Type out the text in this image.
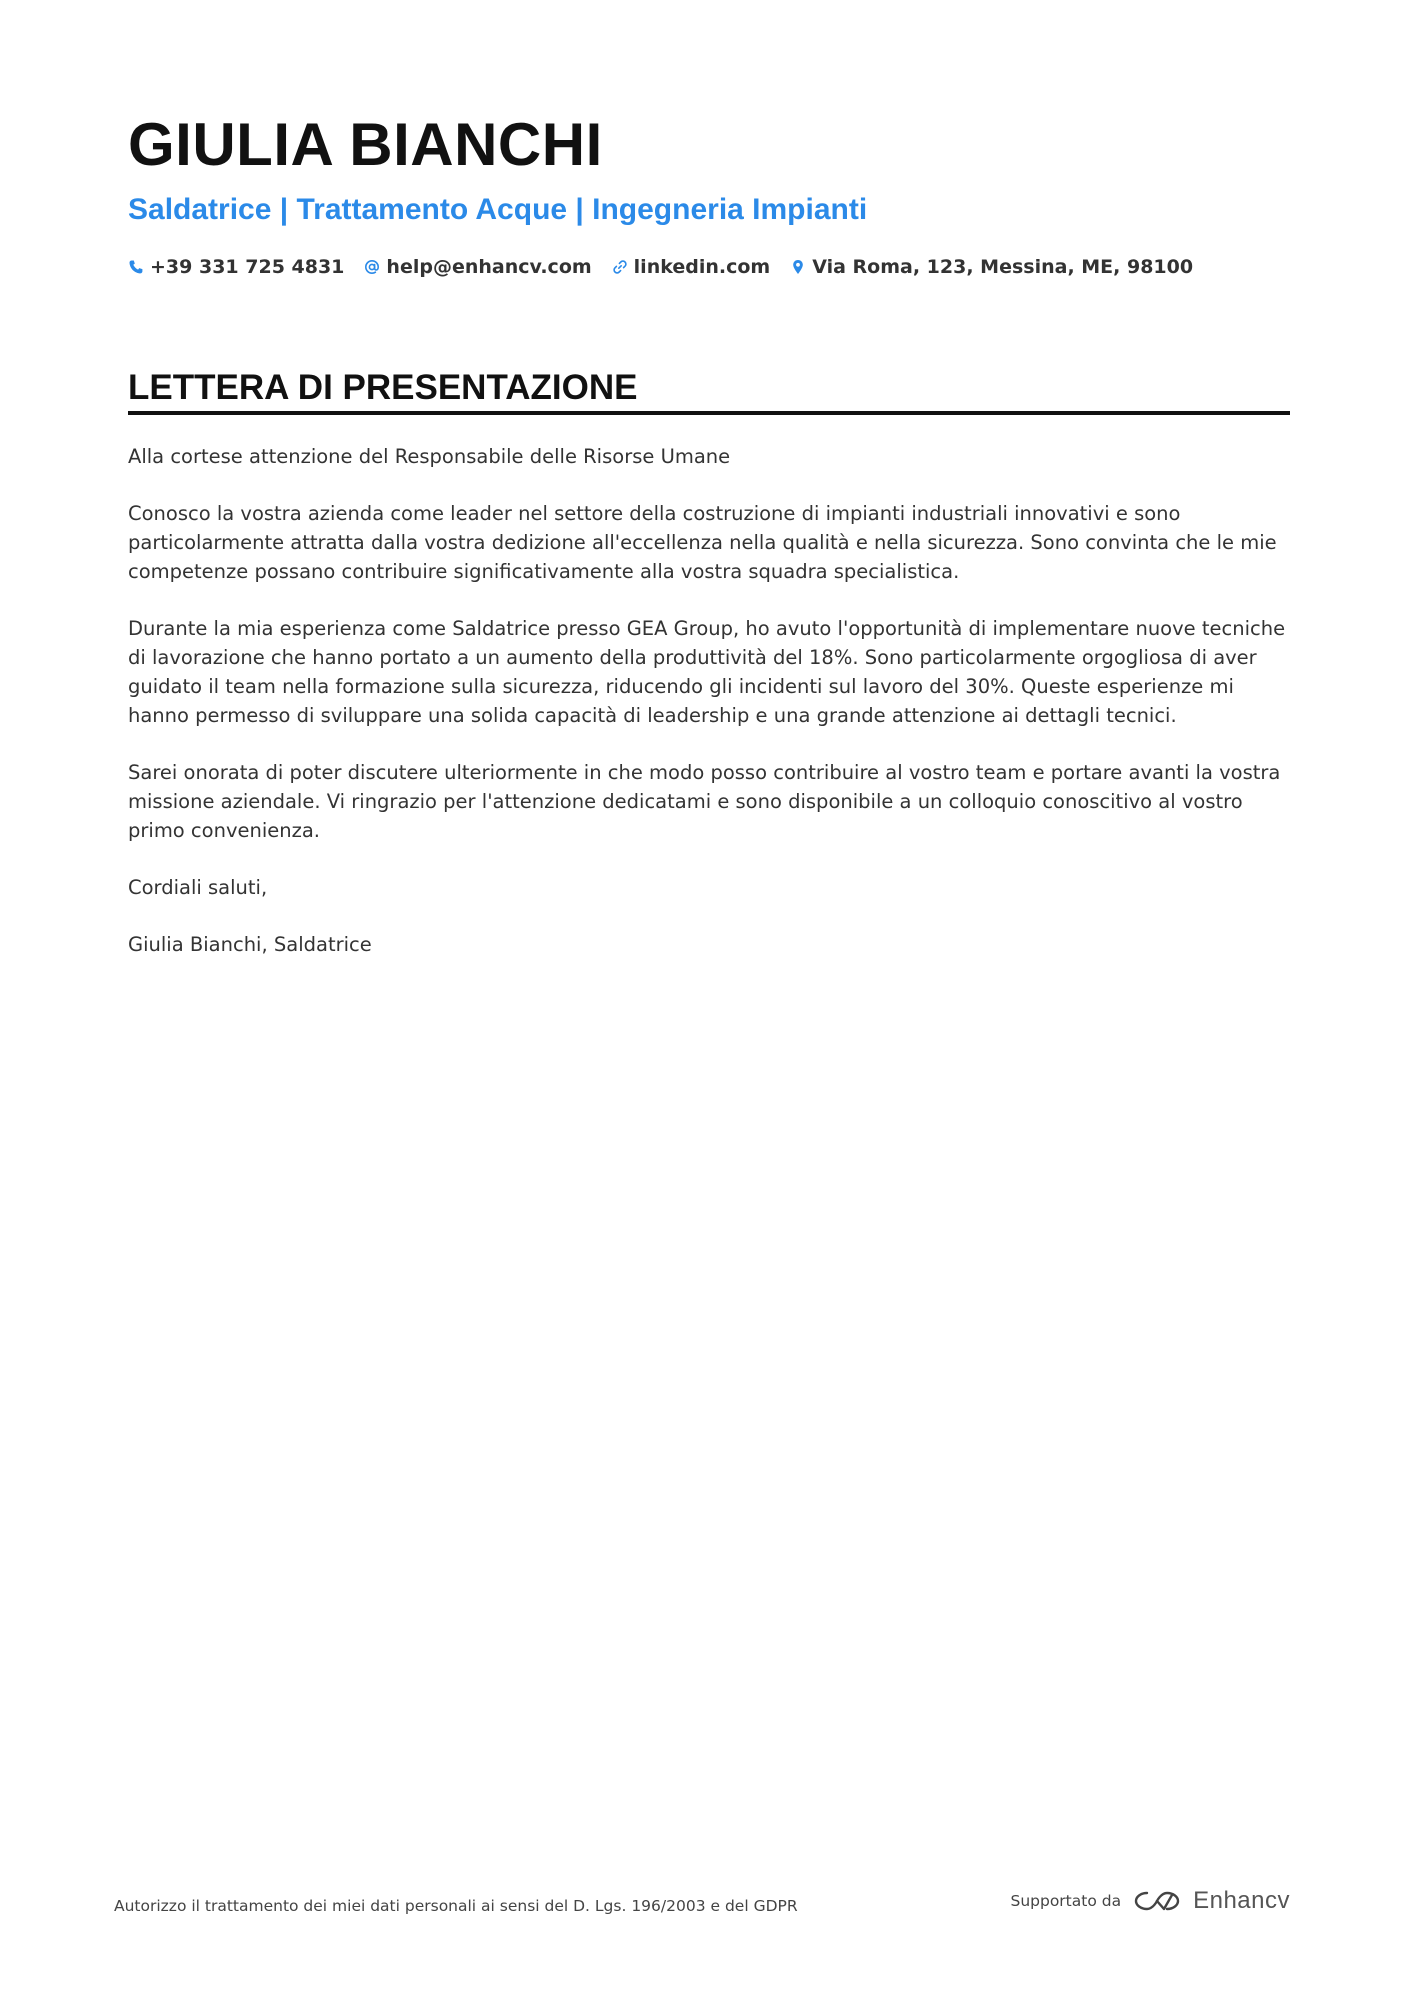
GIULIA BIANCHI
Saldatrice | Trattamento Acque | Ingegneria Impianti
+39 331 725 4831 help@enhancv.com linkedin.com Via Roma, 123, Messina, ME, 98100
LETTERA DI PRESENTAZIONE

Alla cortese attenzione del Responsabile delle Risorse Umane

Conosco la vostra azienda come leader nel settore della costruzione di impianti industriali innovativi e sono particolarmente attratta dalla vostra dedizione all'eccellenza nella qualità e nella sicurezza. Sono convinta che le mie competenze possano contribuire significativamente alla vostra squadra specialistica.

Durante la mia esperienza come Saldatrice presso GEA Group, ho avuto l'opportunità di implementare nuove tecniche di lavorazione che hanno portato a un aumento della produttività del 18%. Sono particolarmente orgogliosa di aver guidato il team nella formazione sulla sicurezza, riducendo gli incidenti sul lavoro del 30%. Queste esperienze mi hanno permesso di sviluppare una solida capacità di leadership e una grande attenzione ai dettagli tecnici.

Sarei onorata di poter discutere ulteriormente in che modo posso contribuire al vostro team e portare avanti la vostra missione aziendale. Vi ringrazio per l'attenzione dedicatami e sono disponibile a un colloquio conoscitivo al vostro primo convenienza.

Cordiali saluti,

Giulia Bianchi, Saldatrice

Autorizzo il trattamento dei miei dati personali ai sensi del D. Lgs. 196/2003 e del GDPR	Supportato da	Enhancv
